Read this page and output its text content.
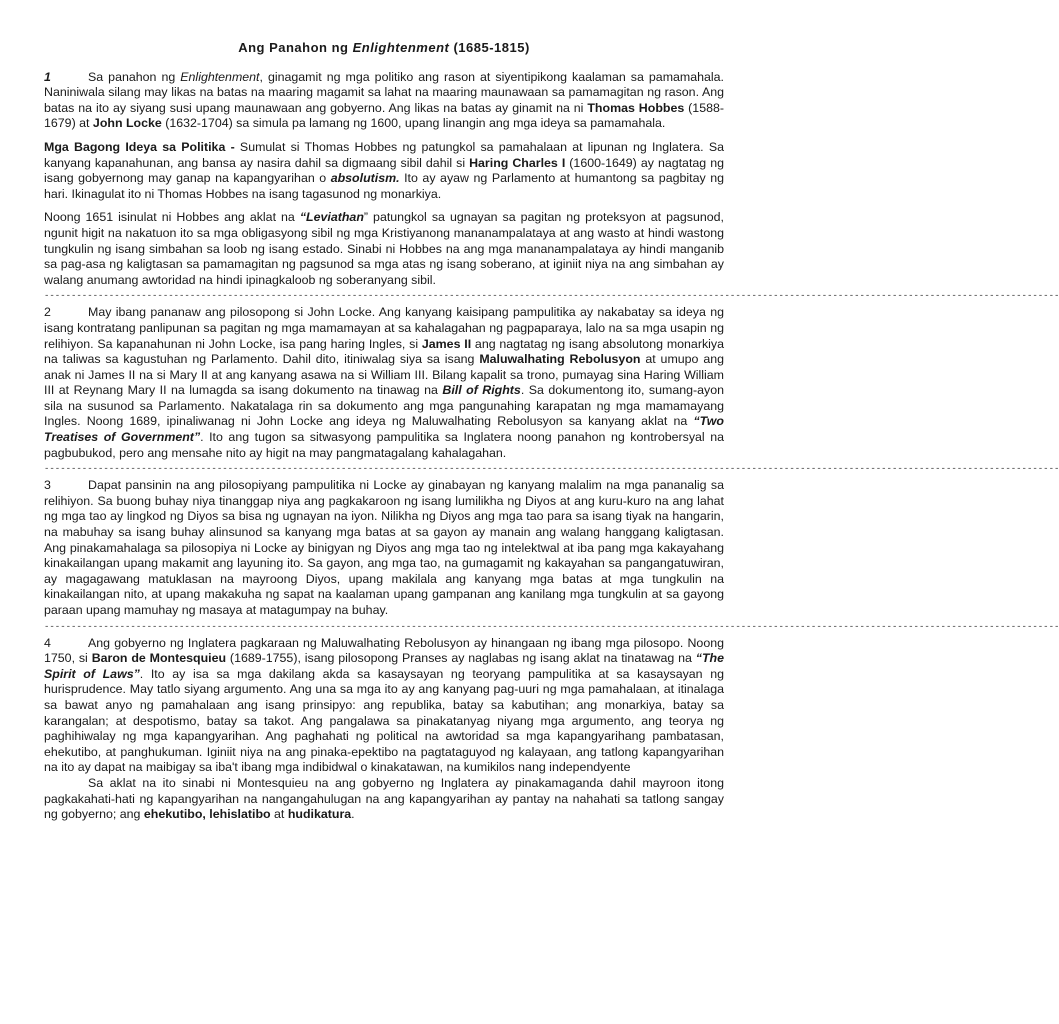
Ang Panahon ng Enlightenment (1685-1815)

1	Sa panahon ng Enlightenment, ginagamit ng mga politiko ang rason at siyentipikong kaalaman sa pamamahala. Naniniwala silang may likas na batas na maaring magamit sa lahat na maaring maunawaan sa pamamagitan ng rason. Ang batas na ito ay siyang susi upang maunawaan ang gobyerno. Ang likas na batas ay ginamit na ni Thomas Hobbes (1588-1679) at John Locke (1632-1704) sa simula pa lamang ng 1600, upang linangin ang mga ideya sa pamamahala.

Mga Bagong Ideya sa Politika - Sumulat si Thomas Hobbes ng patungkol sa pamahalaan at lipunan ng Inglatera. Sa kanyang kapanahunan, ang bansa ay nasira dahil sa digmaang sibil dahil si Haring Charles I (1600-1649) ay nagtatag ng isang gobyernong may ganap na kapangyarihan o absolutism. Ito ay ayaw ng Parlamento at humantong sa pagbitay ng hari. Ikinagulat ito ni Thomas Hobbes na isang tagasunod ng monarkiya.

Noong 1651 isinulat ni Hobbes ang aklat na “Leviathan” patungkol sa ugnayan sa pagitan ng proteksyon at pagsunod, ngunit higit na nakatuon ito sa mga obligasyong sibil ng mga Kristiyanong mananampalataya at ang wasto at hindi wastong tungkulin ng isang simbahan sa loob ng isang estado. Sinabi ni Hobbes na ang mga mananampalataya ay hindi manganib sa pag-asa ng kaligtasan sa pamamagitan ng pagsunod sa mga atas ng isang soberano, at iginiit niya na ang simbahan ay walang anumang awtoridad na hindi ipinagkaloob ng soberanyang sibil.

--------------------------------------------------------------------------------------------------------------------------------------------------------------------------------------------

2	May ibang pananaw ang pilosopong si John Locke. Ang kanyang kaisipang pampulitika ay nakabatay sa ideya ng isang kontratang panlipunan sa pagitan ng mga mamamayan at sa kahalagahan ng pagpaparaya, lalo na sa mga usapin ng relihiyon. Sa kapanahunan ni John Locke, isa pang haring Ingles, si James II ang nagtatag ng isang absolutong monarkiya na taliwas sa kagustuhan ng Parlamento. Dahil dito, itiniwalag siya sa isang Maluwalhating Rebolusyon at umupo ang anak ni James II na si Mary II at ang kanyang asawa na si William III. Bilang kapalit sa trono, pumayag sina Haring William III at Reynang Mary II na lumagda sa isang dokumento na tinawag na Bill of Rights. Sa dokumentong ito, sumang-ayon sila na susunod sa Parlamento. Nakatalaga rin sa dokumento ang mga pangunahing karapatan ng mga mamamayang Ingles. Noong 1689, ipinaliwanag ni John Locke ang ideya ng Maluwalhating Rebolusyon sa kanyang aklat na “Two Treatises of Government”. Ito ang tugon sa sitwasyong pampulitika sa Inglatera noong panahon ng kontrobersyal na pagbubukod, pero ang mensahe nito ay higit na may pangmatagalang kahalagahan.

--------------------------------------------------------------------------------------------------------------------------------------------------------------------------------------------

3	Dapat pansinin na ang pilosopiyang pampulitika ni Locke ay ginabayan ng kanyang malalim na mga pananalig sa relihiyon. Sa buong buhay niya tinanggap niya ang pagkakaroon ng isang lumilikha ng Diyos at ang kuru-kuro na ang lahat ng mga tao ay lingkod ng Diyos sa bisa ng ugnayan na iyon. Nilikha ng Diyos ang mga tao para sa isang tiyak na hangarin, na mabuhay sa isang buhay alinsunod sa kanyang mga batas at sa gayon ay manain ang walang hanggang kaligtasan. Ang pinakamahalaga sa pilosopiya ni Locke ay binigyan ng Diyos ang mga tao ng intelektwal at iba pang mga kakayahang kinakailangan upang makamit ang layuning ito. Sa gayon, ang mga tao, na gumagamit ng kakayahan sa pangangatuwiran, ay magagawang matuklasan na mayroong Diyos, upang makilala ang kanyang mga batas at mga tungkulin na kinakailangan nito, at upang makakuha ng sapat na kaalaman upang gampanan ang kanilang mga tungkulin at sa gayong paraan upang mamuhay ng masaya at matagumpay na buhay.

--------------------------------------------------------------------------------------------------------------------------------------------------------------------------------------------

4	Ang gobyerno ng Inglatera pagkaraan ng Maluwalhating Rebolusyon ay hinangaan ng ibang mga pilosopo. Noong 1750, si Baron de Montesquieu (1689-1755), isang pilosopong Pranses ay naglabas ng isang aklat na tinatawag na “The Spirit of Laws”. Ito ay isa sa mga dakilang akda sa kasaysayan ng teoryang pampulitika at sa kasaysayan ng hurisprudence. May tatlo siyang argumento. Ang una sa mga ito ay ang kanyang pag-uuri ng mga pamahalaan, at itinalaga sa bawat anyo ng pamahalaan ang isang prinsipyo: ang republika, batay sa kabutihan; ang monarkiya, batay sa karangalan; at despotismo, batay sa takot. Ang pangalawa sa pinakatanyag niyang mga argumento, ang teorya ng paghihiwalay ng mga kapangyarihan. Ang paghahati ng political na awtoridad sa mga kapangyarihang pambatasan, ehekutibo, at panghukuman. Iginiit niya na ang pinaka-epektibo na pagtataguyod ng kalayaan, ang tatlong kapangyarihan na ito ay dapat na maibigay sa iba't ibang mga indibidwal o kinakatawan, na kumikilos nang independyente

Sa aklat na ito sinabi ni Montesquieu na ang gobyerno ng Inglatera ay pinakamaganda dahil mayroon itong pagkakahati-hati ng kapangyarihan na nangangahulugan na ang kapangyarihan ay pantay na nahahati sa tatlong sangay ng gobyerno; ang ehekutibo, lehislatibo at hudikatura.
